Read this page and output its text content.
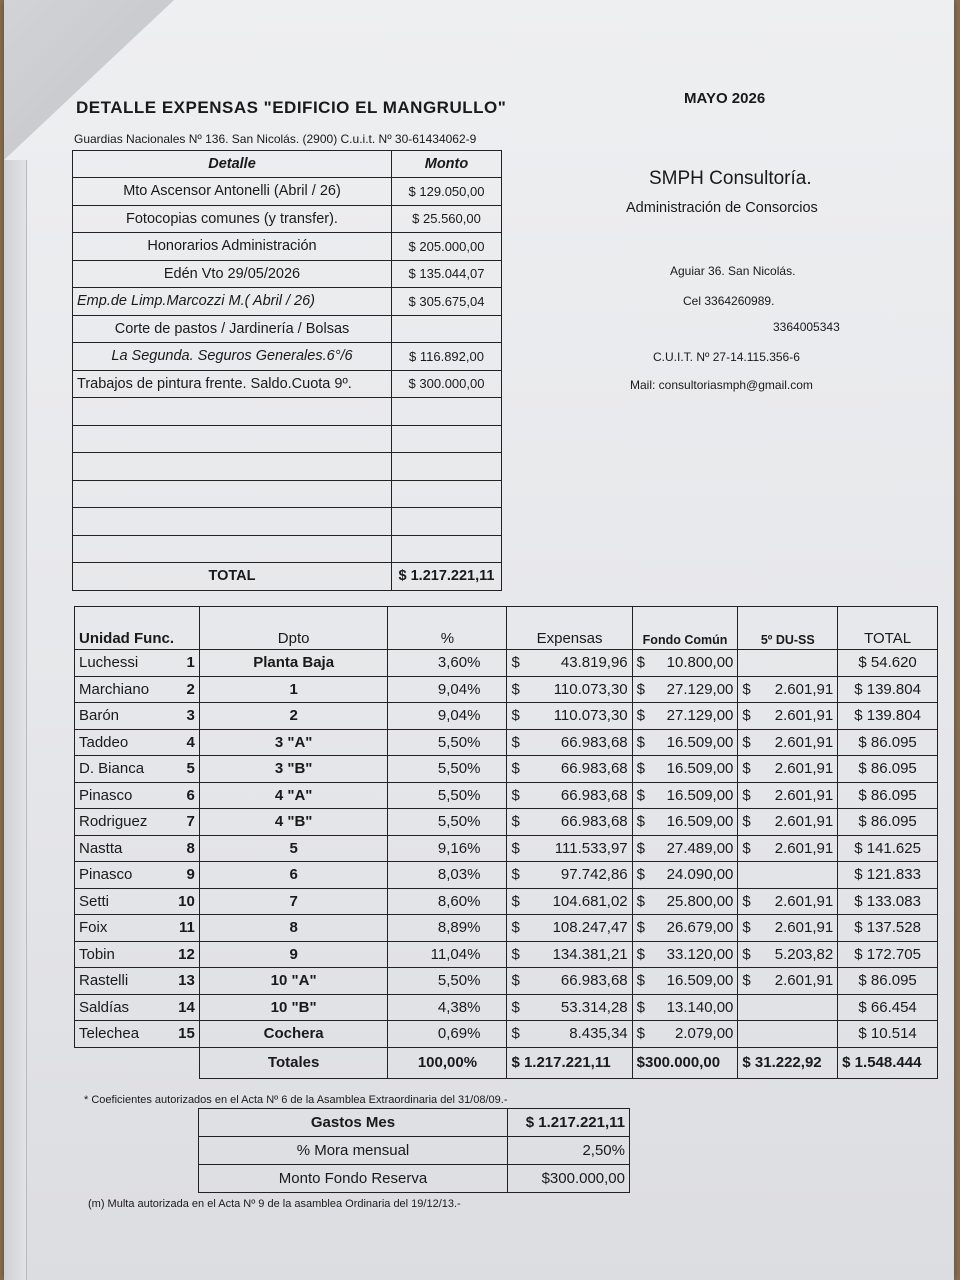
DETALLE EXPENSAS "EDIFICIO EL MANGRULLO"	MAYO 2026
Guardias Nacionales Nº 136. San Nicolás. (2900) C.u.i.t. Nº 30-61434062-9
Detalle	Monto
Mto Ascensor Antonelli (Abril / 26)	$ 129.050,00
Fotocopias comunes (y transfer).	$ 25.560,00
Honorarios Administración	$ 205.000,00
Edén Vto 29/05/2026	$ 135.044,07
Emp.de Limp.Marcozzi M.( Abril / 26)	$ 305.675,04
Corte de pastos / Jardinería / Bolsas	
La Segunda. Seguros Generales.6°/6	$ 116.892,00
Trabajos de pintura frente. Saldo.Cuota 9º.	$ 300.000,00

TOTAL	$ 1.217.221,11
SMPH Consultoría.
Administración de Consorcios
Aguiar 36. San Nicolás.
Cel 3364260989.
3364005343
C.U.I.T. Nº 27-14.115.356-6
Mail: consultoriasmph@gmail.com
Unidad Func.		Dpto	%	Expensas	Fondo Común	5º DU-SS	TOTAL
Luchessi	1	Planta Baja	3,60%	$ 43.819,96	$ 10.800,00		$ 54.620
Marchiano	2	1	9,04%	$ 110.073,30	$ 27.129,00	$ 2.601,91	$ 139.804
Barón	3	2	9,04%	$ 110.073,30	$ 27.129,00	$ 2.601,91	$ 139.804
Taddeo	4	3 "A"	5,50%	$ 66.983,68	$ 16.509,00	$ 2.601,91	$ 86.095
D. Bianca	5	3 "B"	5,50%	$ 66.983,68	$ 16.509,00	$ 2.601,91	$ 86.095
Pinasco	6	4 "A"	5,50%	$ 66.983,68	$ 16.509,00	$ 2.601,91	$ 86.095
Rodriguez	7	4 "B"	5,50%	$ 66.983,68	$ 16.509,00	$ 2.601,91	$ 86.095
Nastta	8	5	9,16%	$ 111.533,97	$ 27.489,00	$ 2.601,91	$ 141.625
Pinasco	9	6	8,03%	$ 97.742,86	$ 24.090,00		$ 121.833
Setti	10	7	8,60%	$ 104.681,02	$ 25.800,00	$ 2.601,91	$ 133.083
Foix	11	8	8,89%	$ 108.247,47	$ 26.679,00	$ 2.601,91	$ 137.528
Tobin	12	9	11,04%	$ 134.381,21	$ 33.120,00	$ 5.203,82	$ 172.705
Rastelli	13	10 "A"	5,50%	$ 66.983,68	$ 16.509,00	$ 2.601,91	$ 86.095
Saldías	14	10 "B"	4,38%	$ 53.314,28	$ 13.140,00		$ 66.454
Telechea	15	Cochera	0,69%	$ 8.435,34	$ 2.079,00		$ 10.514
		Totales	100,00%	$ 1.217.221,11	$300.000,00	$ 31.222,92	$ 1.548.444
* Coeficientes autorizados en el Acta Nº 6 de la Asamblea Extraordinaria del 31/08/09.-
Gastos Mes	$ 1.217.221,11
% Mora mensual	2,50%
Monto Fondo Reserva	$300.000,00
(m) Multa autorizada en el Acta Nº 9 de la asamblea Ordinaria del 19/12/13.-
